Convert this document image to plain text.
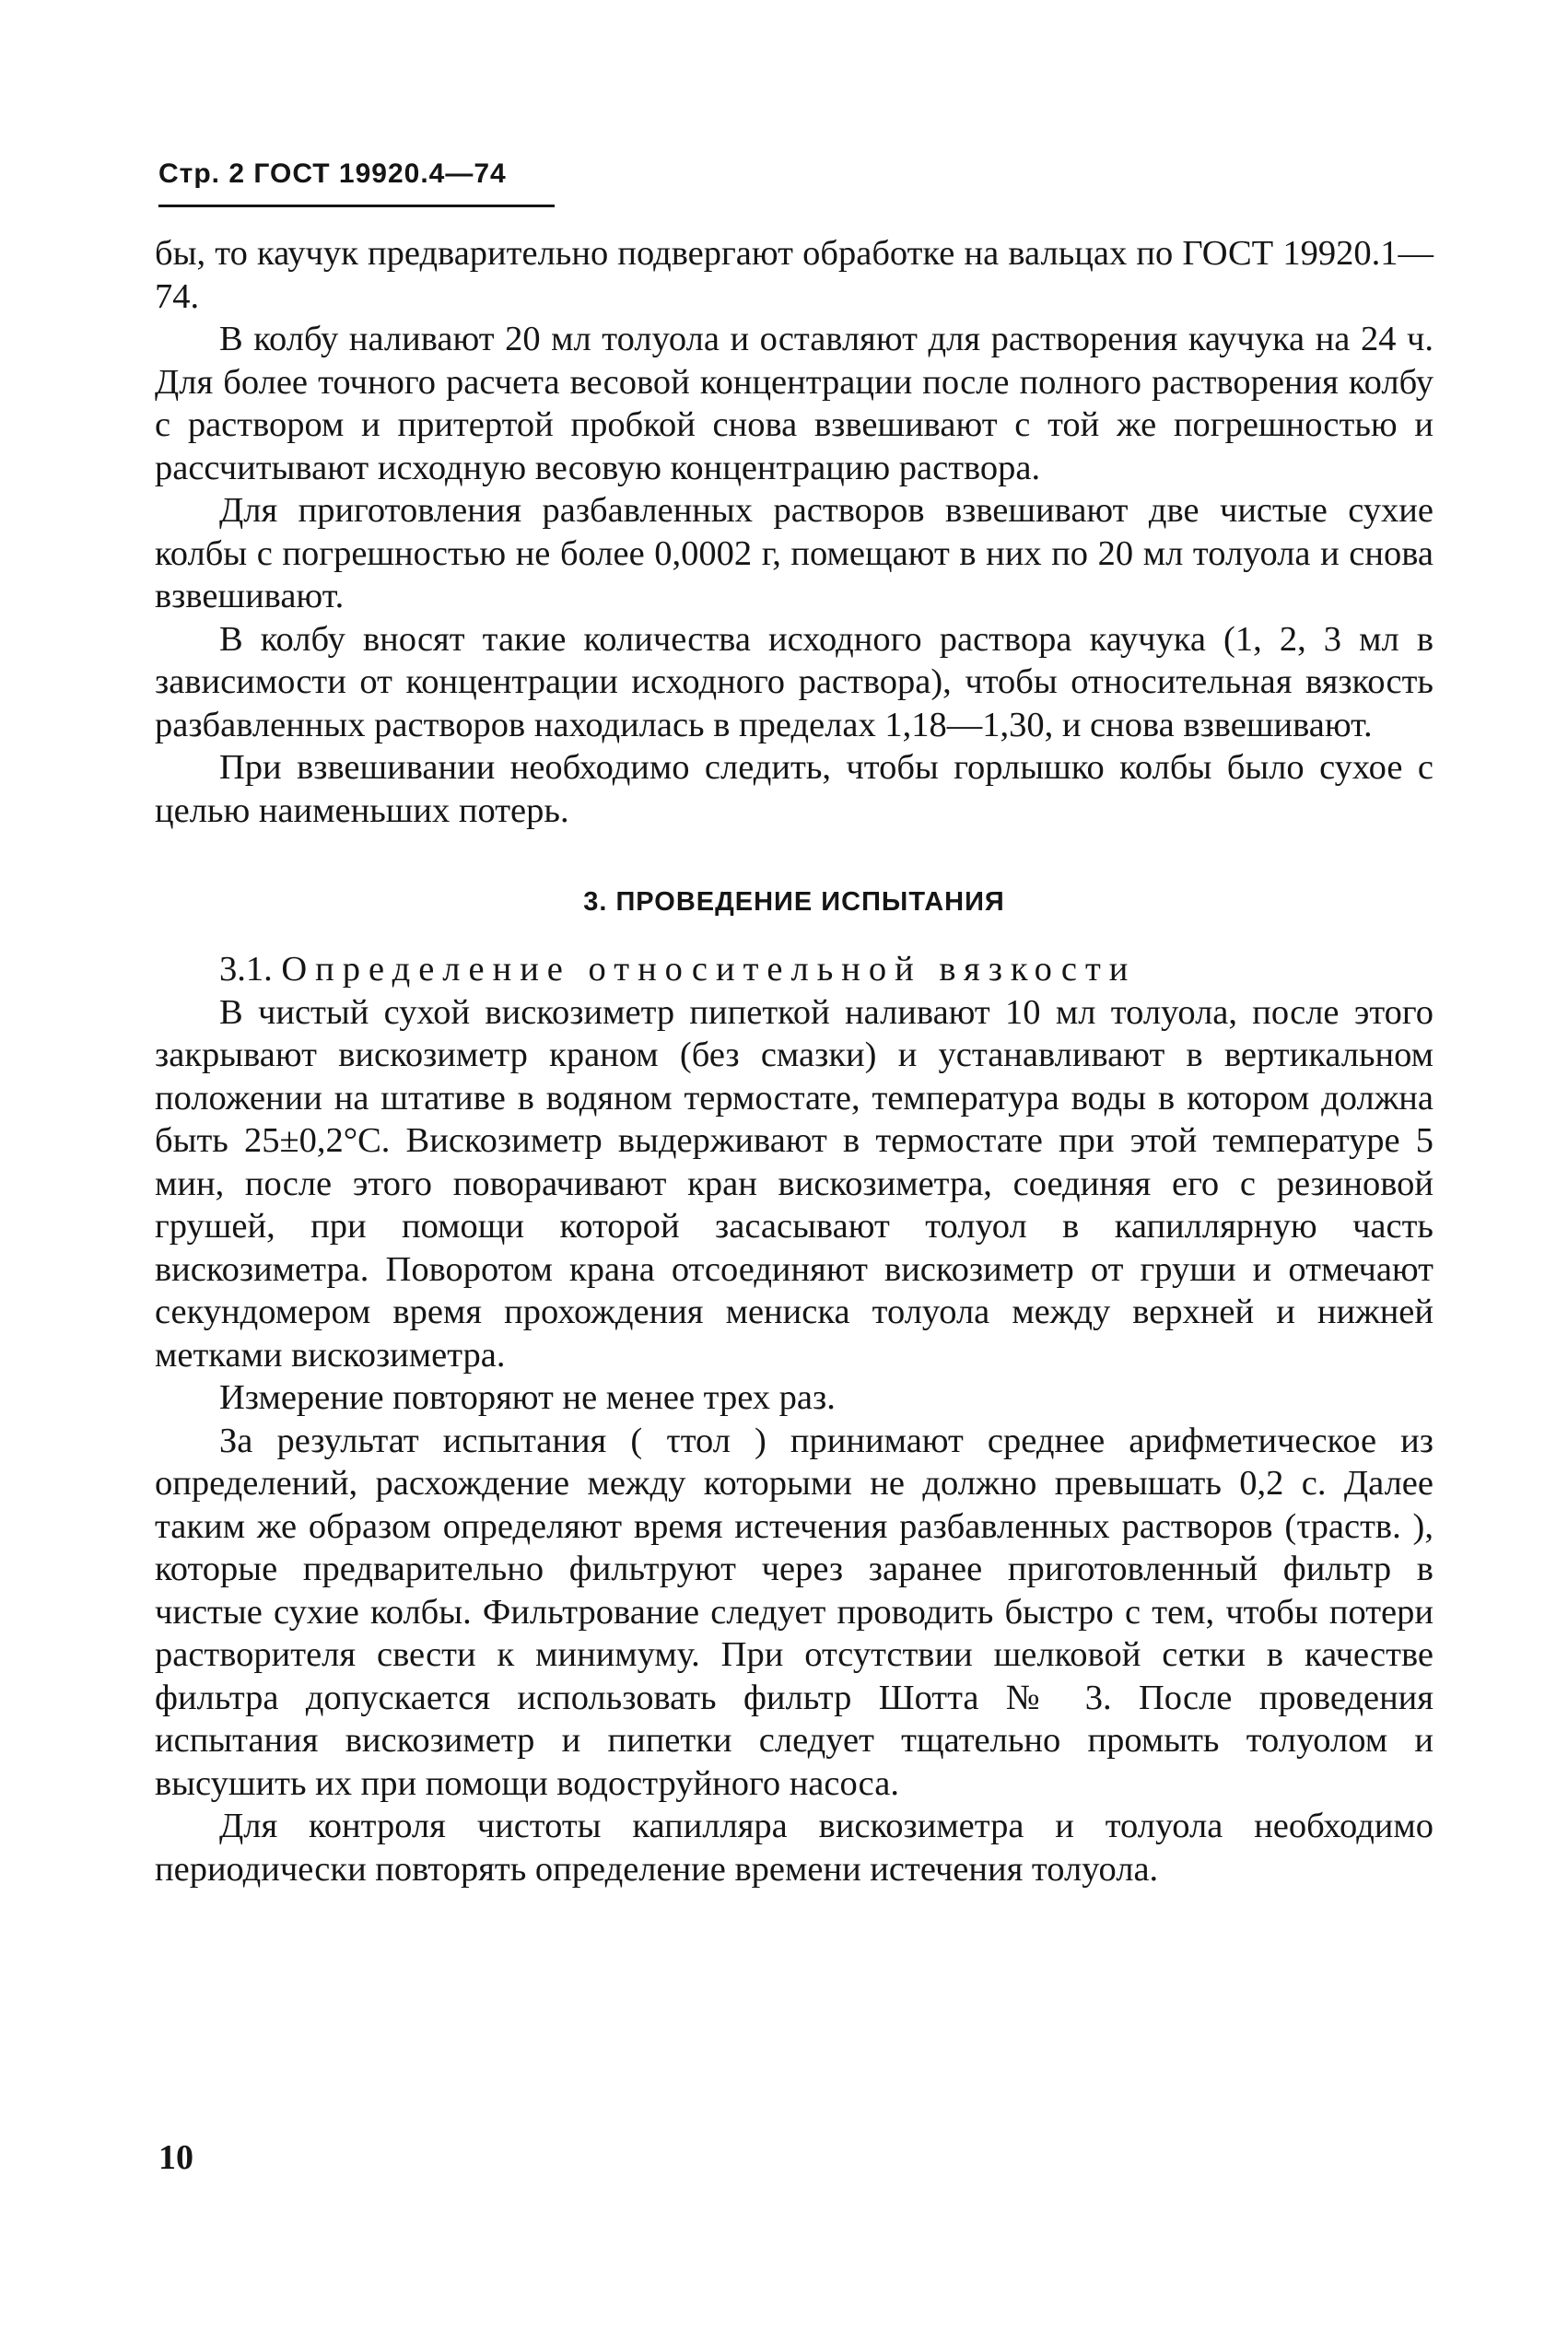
Стр. 2 ГОСТ 19920.4—74

бы, то каучук предварительно подвергают обработке на вальцах по ГОСТ 19920.1—74.

В колбу наливают 20 мл толуола и оставляют для растворения каучука на 24 ч. Для более точного расчета весовой концентрации после полного растворения колбу с раствором и притертой пробкой снова взвешивают с той же погрешностью и рассчитывают исходную весовую концентрацию раствора.

Для приготовления разбавленных растворов взвешивают две чистые сухие колбы с погрешностью не более 0,0002 г, помещают в них по 20 мл толуола и снова взвешивают.

В колбу вносят такие количества исходного раствора каучука (1, 2, 3 мл в зависимости от концентрации исходного раствора), чтобы относительная вязкость разбавленных растворов находилась в пределах 1,18—1,30, и снова взвешивают.

При взвешивании необходимо следить, чтобы горлышко колбы было сухое с целью наименьших потерь.

3. ПРОВЕДЕНИЕ ИСПЫТАНИЯ

3.1. Определение относительной вязкости

В чистый сухой вискозиметр пипеткой наливают 10 мл толуола, после этого закрывают вискозиметр краном (без смазки) и устанавливают в вертикальном положении на штативе в водяном термостате, температура воды в котором должна быть 25±0,2°С. Вискозиметр выдерживают в термостате при этой температуре 5 мин, после этого поворачивают кран вискозиметра, соединяя его с резиновой грушей, при помощи которой засасывают толуол в капиллярную часть вискозиметра. Поворотом крана отсоединяют вискозиметр от груши и отмечают секундомером время прохождения мениска толуола между верхней и нижней метками вискозиметра.

Измерение повторяют не менее трех раз.

За результат испытания ( τтол ) принимают среднее арифметическое из определений, расхождение между которыми не должно превышать 0,2 с. Далее таким же образом определяют время истечения разбавленных растворов (τраств. ), которые предварительно фильтруют через заранее приготовленный фильтр в чистые сухие колбы. Фильтрование следует проводить быстро с тем, чтобы потери растворителя свести к минимуму. При отсутствии шелковой сетки в качестве фильтра допускается использовать фильтр Шотта № 3. После проведения испытания вискозиметр и пипетки следует тщательно промыть толуолом и высушить их при помощи водоструйного насоса.

Для контроля чистоты капилляра вискозиметра и толуола необходимо периодически повторять определение времени истечения толуола.

10
